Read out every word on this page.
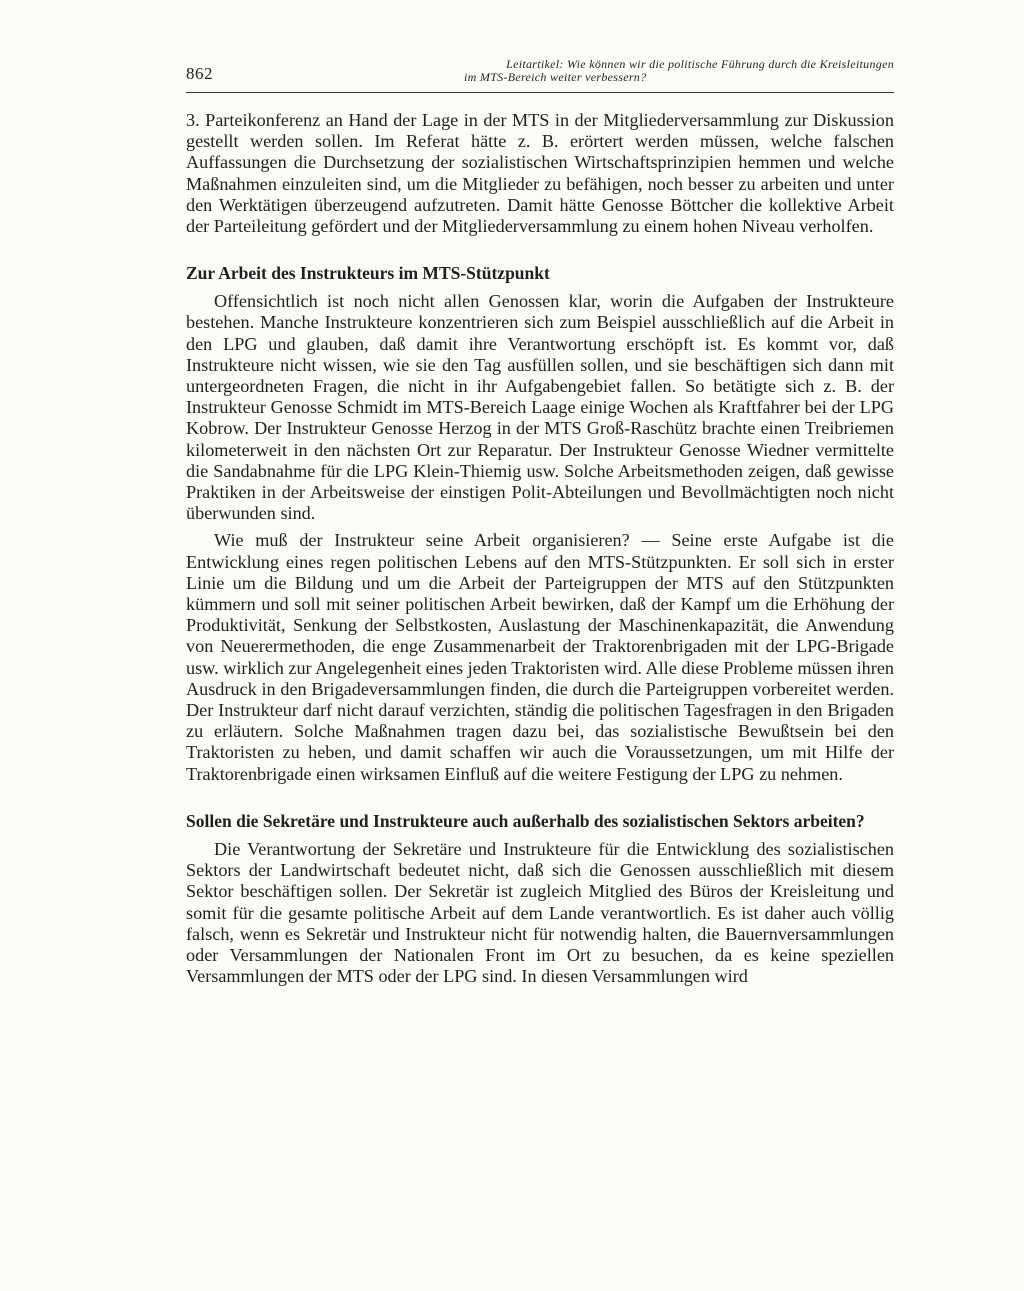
862	Leitartikel: Wie können wir die politische Führung durch die Kreisleitungen
im MTS-Bereich weiter verbessern?

3. Parteikonferenz an Hand der Lage in der MTS in der Mitgliederversammlung zur Diskussion gestellt werden sollen. Im Referat hätte z. B. erörtert werden müssen, welche falschen Auffassungen die Durchsetzung der sozialistischen Wirtschaftsprinzipien hemmen und welche Maßnahmen einzuleiten sind, um die Mitglieder zu befähigen, noch besser zu arbeiten und unter den Werktätigen überzeugend aufzutreten. Damit hätte Genosse Böttcher die kollektive Arbeit der Parteileitung gefördert und der Mitgliederversammlung zu einem hohen Niveau verholfen.

Zur Arbeit des Instrukteurs im MTS-Stützpunkt

Offensichtlich ist noch nicht allen Genossen klar, worin die Aufgaben der Instrukteure bestehen. Manche Instrukteure konzentrieren sich zum Beispiel ausschließlich auf die Arbeit in den LPG und glauben, daß damit ihre Verantwortung erschöpft ist. Es kommt vor, daß Instrukteure nicht wissen, wie sie den Tag ausfüllen sollen, und sie beschäftigen sich dann mit untergeordneten Fragen, die nicht in ihr Aufgabengebiet fallen. So betätigte sich z. B. der Instrukteur Genosse Schmidt im MTS-Bereich Laage einige Wochen als Kraftfahrer bei der LPG Kobrow. Der Instrukteur Genosse Herzog in der MTS Groß-Raschütz brachte einen Treibriemen kilometerweit in den nächsten Ort zur Reparatur. Der Instrukteur Genosse Wiedner vermittelte die Sandabnahme für die LPG Klein-Thiemig usw. Solche Arbeitsmethoden zeigen, daß gewisse Praktiken in der Arbeitsweise der einstigen Polit-Abteilungen und Bevollmächtigten noch nicht überwunden sind.

Wie muß der Instrukteur seine Arbeit organisieren? — Seine erste Aufgabe ist die Entwicklung eines regen politischen Lebens auf den MTS-Stützpunkten. Er soll sich in erster Linie um die Bildung und um die Arbeit der Parteigruppen der MTS auf den Stützpunkten kümmern und soll mit seiner politischen Arbeit bewirken, daß der Kampf um die Erhöhung der Produktivität, Senkung der Selbstkosten, Auslastung der Maschinenkapazität, die Anwendung von Neuerermethoden, die enge Zusammenarbeit der Traktorenbrigaden mit der LPG-Brigade usw. wirklich zur Angelegenheit eines jeden Traktoristen wird. Alle diese Probleme müssen ihren Ausdruck in den Brigadeversammlungen finden, die durch die Parteigruppen vorbereitet werden. Der Instrukteur darf nicht darauf verzichten, ständig die politischen Tagesfragen in den Brigaden zu erläutern. Solche Maßnahmen tragen dazu bei, das sozialistische Bewußtsein bei den Traktoristen zu heben, und damit schaffen wir auch die Voraussetzungen, um mit Hilfe der Traktorenbrigade einen wirksamen Einfluß auf die weitere Festigung der LPG zu nehmen.

Sollen die Sekretäre und Instrukteure auch außerhalb des sozialistischen Sektors arbeiten?

Die Verantwortung der Sekretäre und Instrukteure für die Entwicklung des sozialistischen Sektors der Landwirtschaft bedeutet nicht, daß sich die Genossen ausschließlich mit diesem Sektor beschäftigen sollen. Der Sekretär ist zugleich Mitglied des Büros der Kreisleitung und somit für die gesamte politische Arbeit auf dem Lande verantwortlich. Es ist daher auch völlig falsch, wenn es Sekretär und Instrukteur nicht für notwendig halten, die Bauernversammlungen oder Versammlungen der Nationalen Front im Ort zu besuchen, da es keine speziellen Versammlungen der MTS oder der LPG sind. In diesen Versammlungen wird
